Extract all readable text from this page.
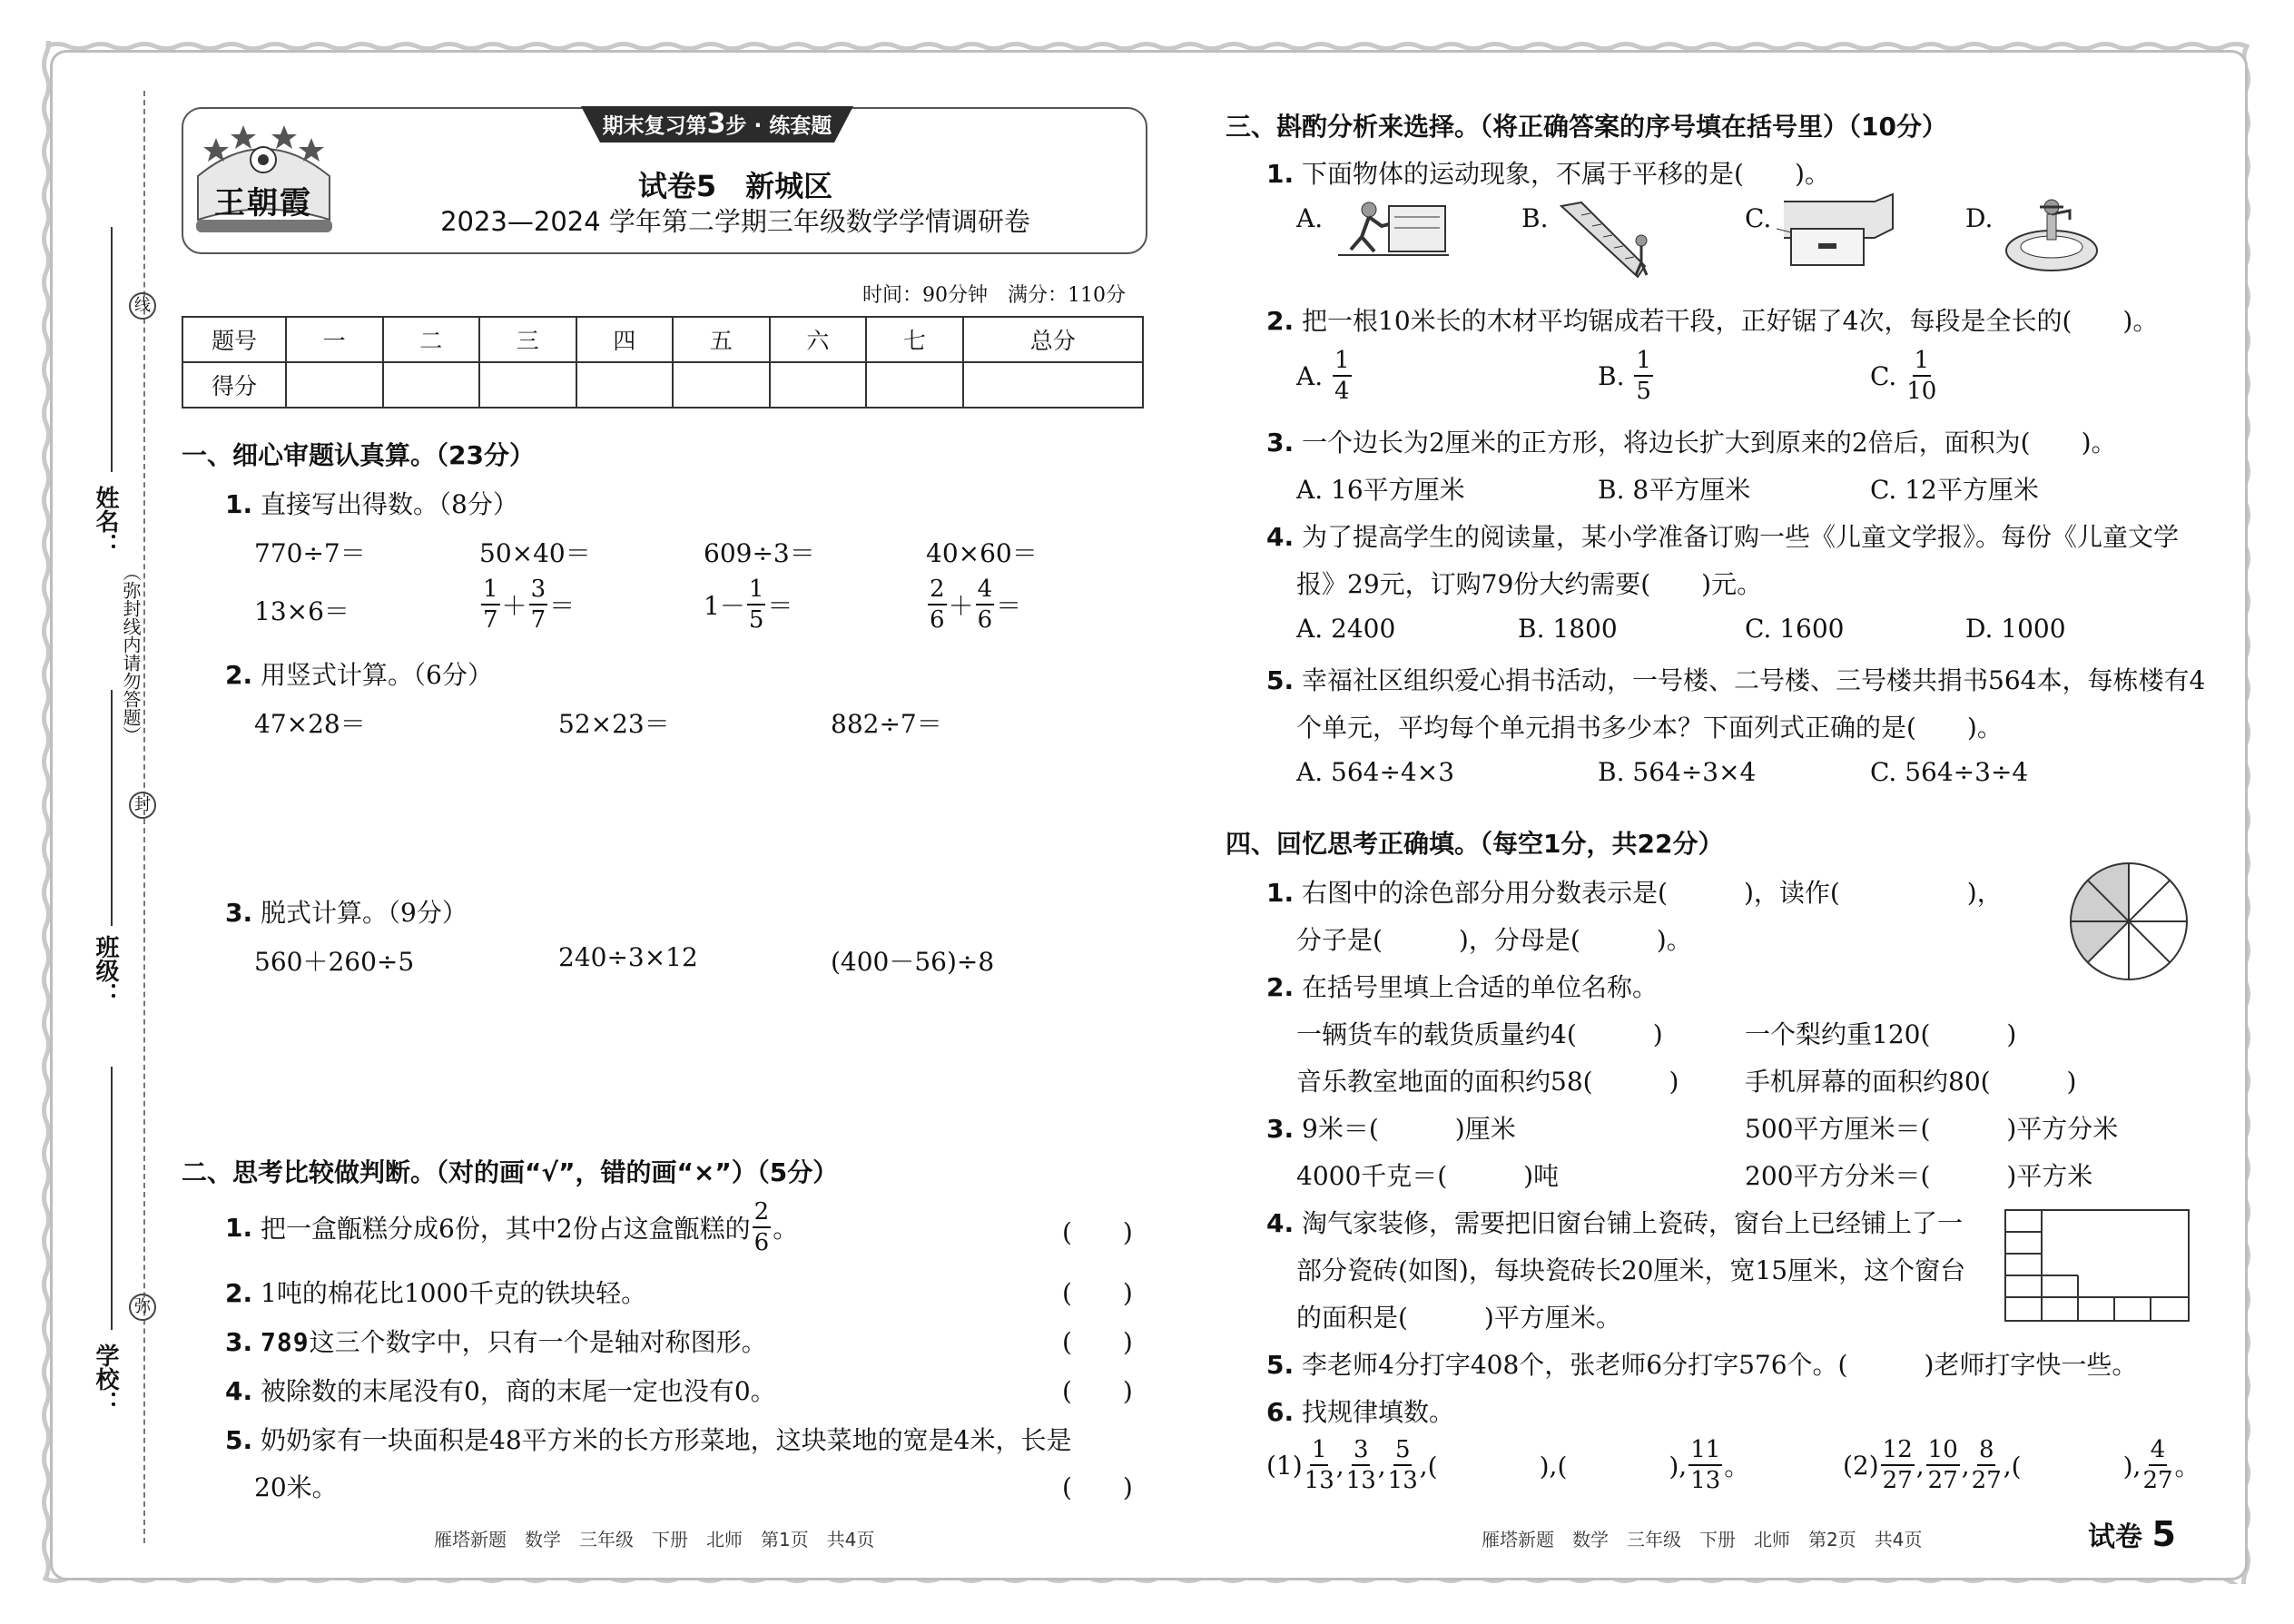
线
封
弥
姓名：
班级：
学校：
（弥封线内请勿答题）
王朝霞
期末复习第3步 · 练套题
试卷5　新城区
2023—2024 学年第二学期三年级数学学情调研卷
时间：90分钟　满分：110分
题号	一	二	三	四	五	六	七	总分
得分								
一、细心审题认真算。（23分）
1. 直接写出得数。（8分）
770÷7＝	50×40＝	609÷3＝	40×60＝
13×6＝	$\frac{1}{7} + \frac{3}{7}$ ＝	$1- \frac{1}{5}$ ＝	$\frac{2}{6} + \frac{4}{6}$ ＝
2. 用竖式计算。（6分）
47×28＝	52×23＝	882÷7＝
3. 脱式计算。（9分）
560＋260÷5	240÷3×12	(400－56)÷8
二、思考比较做判断。（对的画“√”，错的画“×”）（5分）
1.
把一盒甑糕分成6份，其中2份占这盒甑糕的 $\frac{2}{6}$ 。	(　　)
2. 1吨的棉花比1000千克的铁块轻。	(　　)
3. 789这三个数字中，只有一个是轴对称图形。	(　　)
4. 被除数的末尾没有0，商的末尾一定也没有0。	(　　)
5. 奶奶家有一块面积是48平方米的长方形菜地，这块菜地的宽是4米，长是
20米。	(　　)
雁塔新题　数学　三年级　下册　北师　第1页　共4页
三、斟酌分析来选择。（将正确答案的序号填在括号里）（10分）
1. 下面物体的运动现象，不属于平移的是(　　)。
A.	B.	C.	D.
2. 把一根10米长的木材平均锯成若干段，正好锯了4次，每段是全长的(　　)。
A.
$\frac{1}{4}$	B.
$\frac{1}{5}$	C.
$\frac{1}{10}$
3. 一个边长为2厘米的正方形，将边长扩大到原来的2倍后，面积为(　　)。
A. 16平方厘米	B. 8平方厘米	C. 12平方厘米
4. 为了提高学生的阅读量，某小学准备订购一些《儿童文学报》。每份《儿童文学
报》29元，订购79份大约需要(　　)元。
A. 2400	B. 1800	C. 1600	D. 1000
5. 幸福社区组织爱心捐书活动，一号楼、二号楼、三号楼共捐书564本，每栋楼有4
个单元，平均每个单元捐书多少本？下面列式正确的是(　　)。
A. 564÷4×3	B. 564÷3×4	C. 564÷3÷4
四、回忆思考正确填。（每空1分，共22分）
1. 右图中的涂色部分用分数表示是(　　　)，读作(　　　　　)，
分子是(　　　)，分母是(　　　)。
2. 在括号里填上合适的单位名称。
一辆货车的载货质量约4(　　　)	一个梨约重120(　　　)
音乐教室地面的面积约58(　　　)	手机屏幕的面积约80(　　　)
3. 9米＝(　　　)厘米	500平方厘米＝(　　　)平方分米
4000千克＝(　　　)吨	200平方分米＝(　　　)平方米
4. 淘气家装修，需要把旧窗台铺上瓷砖，窗台上已经铺上了一
部分瓷砖(如图)，每块瓷砖长20厘米，宽15厘米，这个窗台
的面积是(　　　)平方厘米。
5. 李老师4分打字408个，张老师6分打字576个。(　　　)老师打字快一些。
6. 找规律填数。
$(1) \frac{1}{13}$ , $\frac{3}{13}$ , $\frac{5}{13}$ , (　　　　) , (　　　　) , $\frac{11}{13}$ 。	$(2) \frac{12}{27}$ , $\frac{10}{27}$ , $\frac{8}{27}$ , (　　　　) , $\frac{4}{27}$ 。
雁塔新题　数学　三年级　下册　北师　第2页　共4页	试卷 5
